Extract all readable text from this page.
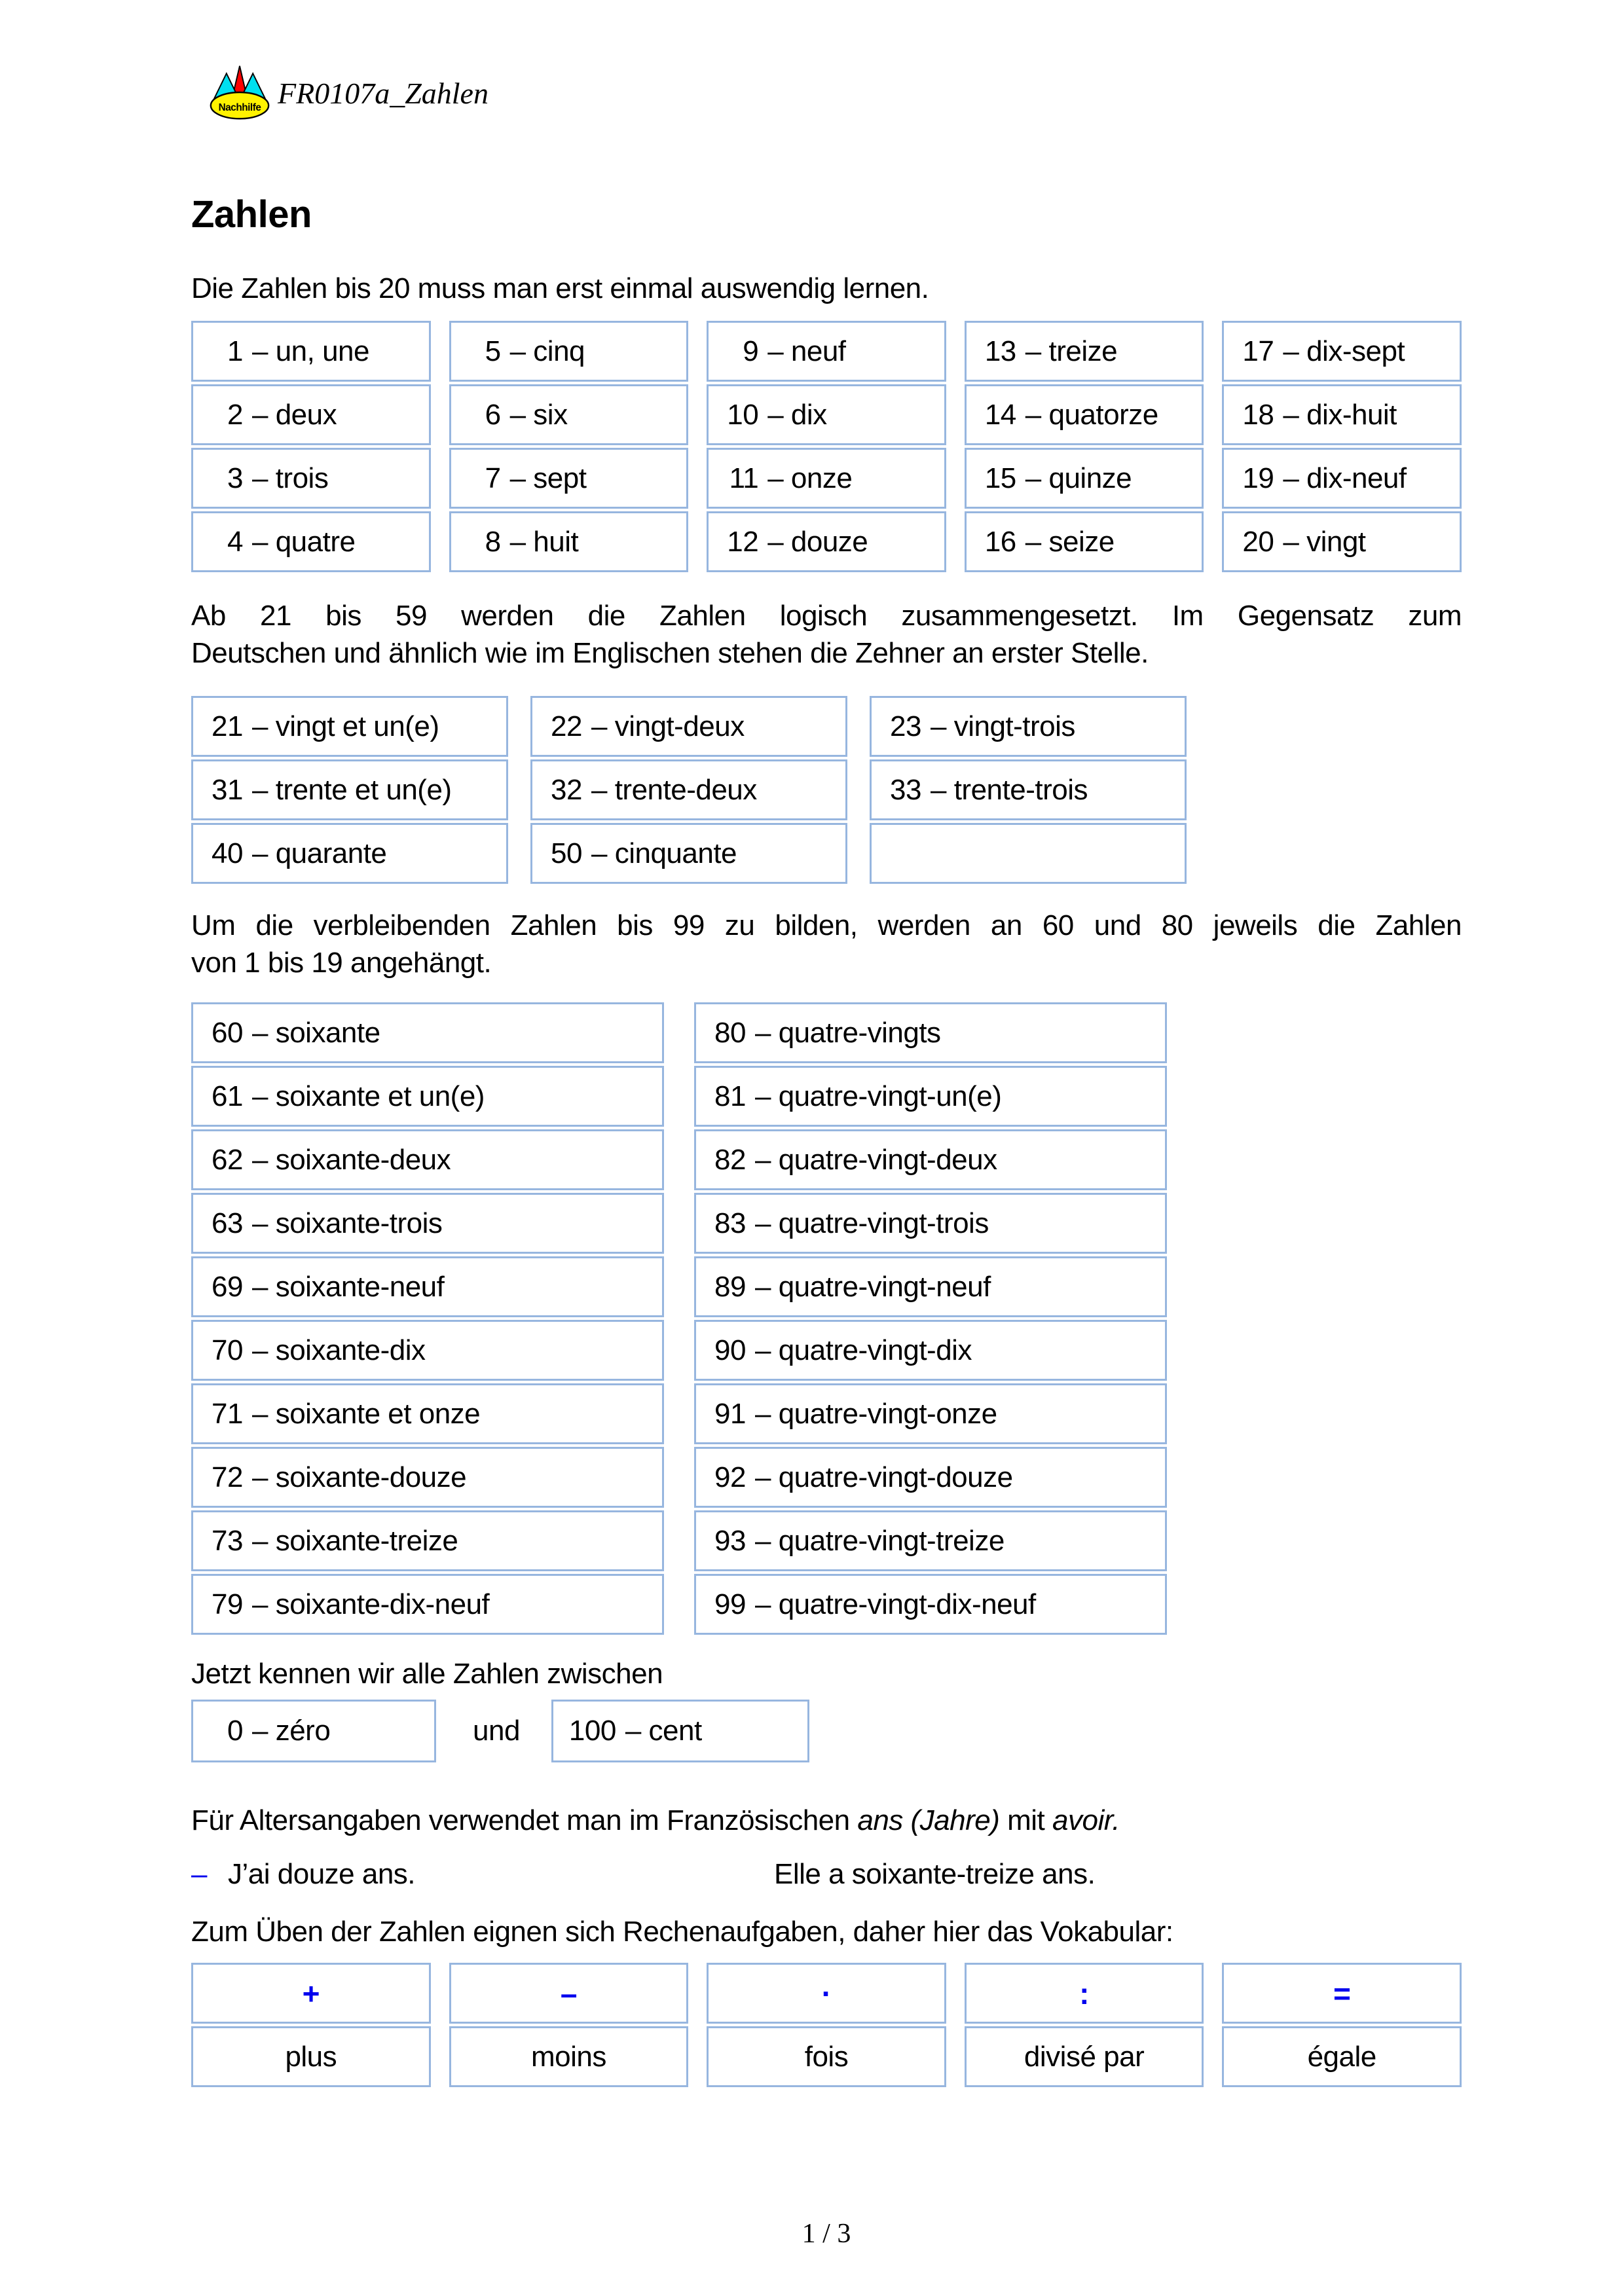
Nachhilfe FR0107a_Zahlen
Zahlen
Die Zahlen bis 20 muss man erst einmal auswendig lernen.
1 – un, une
2 – deux
3 – trois
4 – quatre
5 – cinq
6 – six
7 – sept
8 – huit
9 – neuf
10 – dix
11 – onze
12 – douze
13 – treize
14 – quatorze
15 – quinze
16 – seize
17 – dix-sept
18 – dix-huit
19 – dix-neuf
20 – vingt
Ab 21 bis 59 werden die Zahlen logisch zusammengesetzt. Im Gegensatz zum
Deutschen und ähnlich wie im Englischen stehen die Zehner an erster Stelle.
21 – vingt et un(e)
31 – trente et un(e)
40 – quarante
22 – vingt-deux
32 – trente-deux
50 – cinquante
23 – vingt-trois
33 – trente-trois
Um die verbleibenden Zahlen bis 99 zu bilden, werden an 60 und 80 jeweils die Zahlen
von 1 bis 19 angehängt.
60 – soixante
61 – soixante et un(e)
62 – soixante-deux
63 – soixante-trois
69 – soixante-neuf
70 – soixante-dix
71 – soixante et onze
72 – soixante-douze
73 – soixante-treize
79 – soixante-dix-neuf
80 – quatre-vingts
81 – quatre-vingt-un(e)
82 – quatre-vingt-deux
83 – quatre-vingt-trois
89 – quatre-vingt-neuf
90 – quatre-vingt-dix
91 – quatre-vingt-onze
92 – quatre-vingt-douze
93 – quatre-vingt-treize
99 – quatre-vingt-dix-neuf
Jetzt kennen wir alle Zahlen zwischen
0 – zéro	und 100 – cent
Für Altersangaben verwendet man im Französischen ans (Jahre) mit avoir.
– J’ai douze ans.	Elle a soixante-treize ans.
Zum Üben der Zahlen eignen sich Rechenaufgaben, daher hier das Vokabular:
+
plus
–
moins
·
fois
:
divisé par
=
égale
1 / 3
